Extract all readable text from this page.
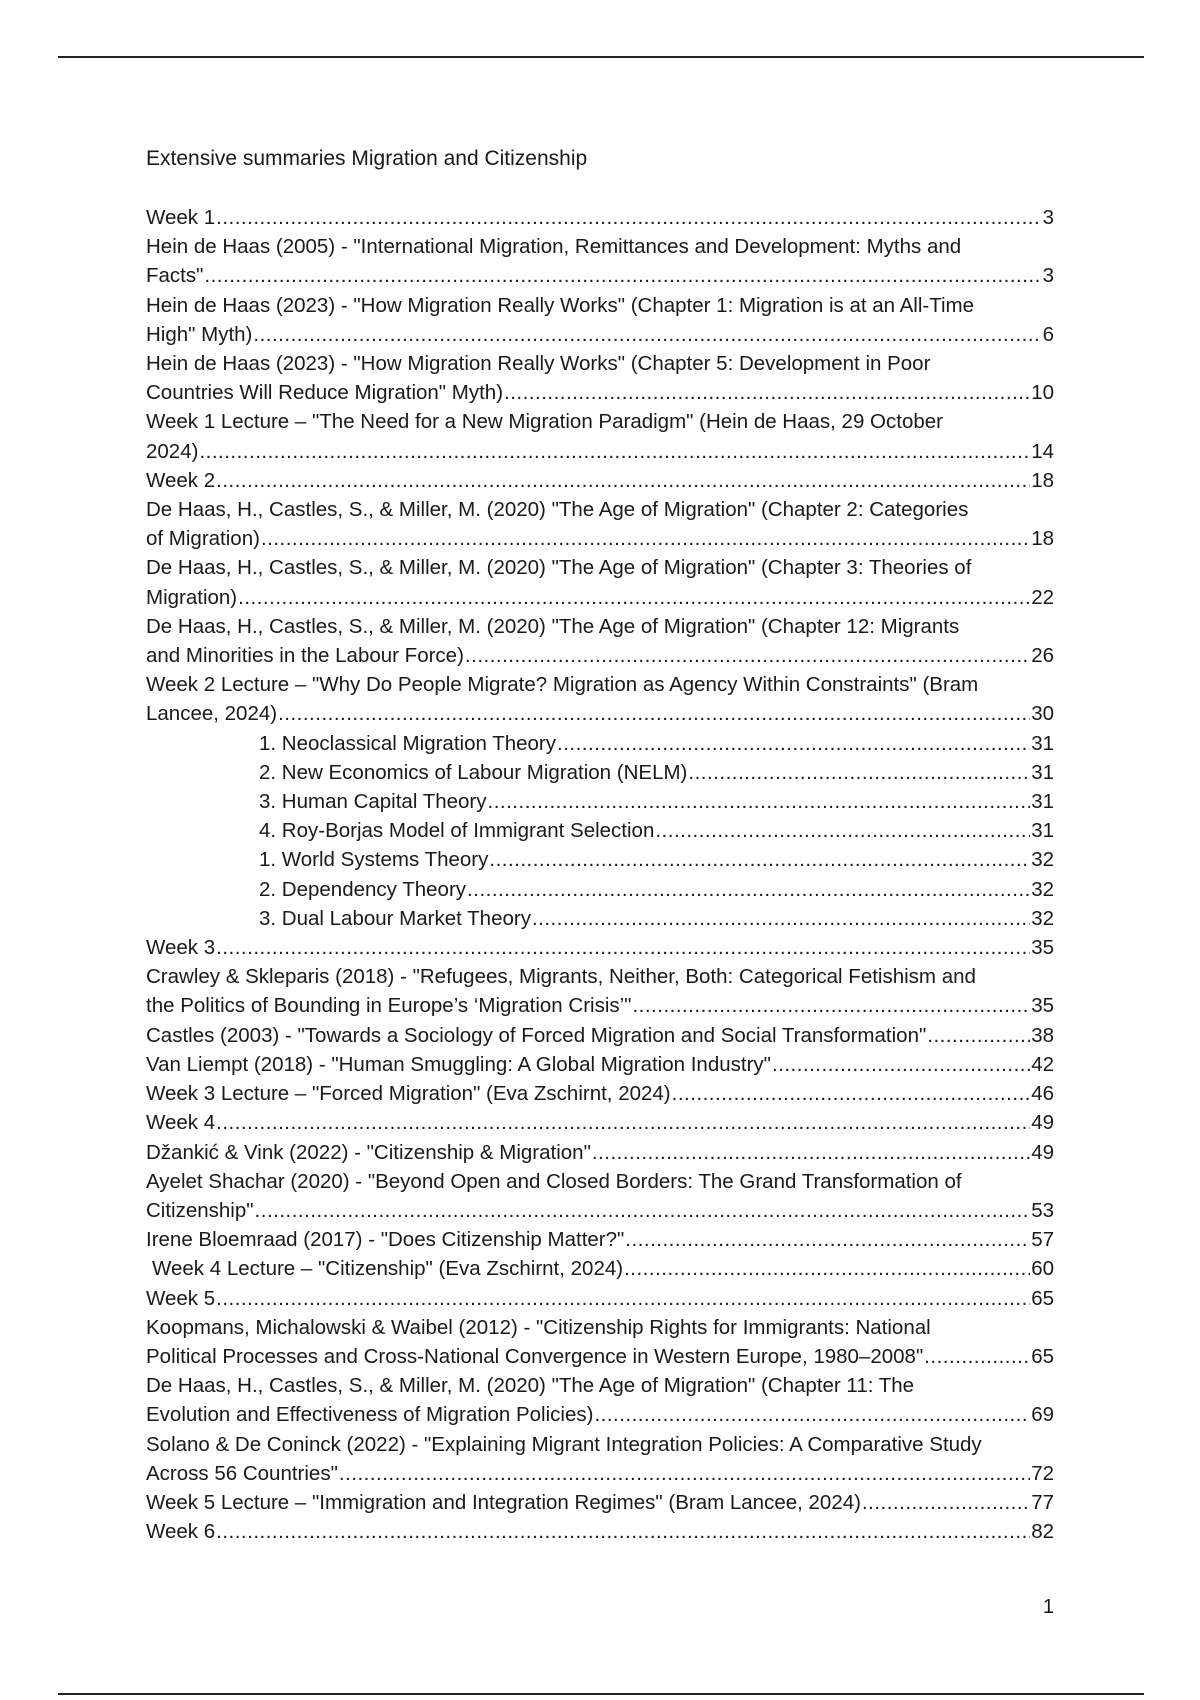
Extensive summaries Migration and Citizenship
Week 1 .....	3
Hein de Haas (2005) - "International Migration, Remittances and Development: Myths and
Facts" .....	3
Hein de Haas (2023) - "How Migration Really Works" (Chapter 1: Migration is at an All-Time
High" Myth) .....	6
Hein de Haas (2023) - "How Migration Really Works" (Chapter 5: Development in Poor
Countries Will Reduce Migration" Myth) .....	10
Week 1 Lecture – "The Need for a New Migration Paradigm" (Hein de Haas, 29 October
2024) .....	14
Week 2 .....	18
De Haas, H., Castles, S., & Miller, M. (2020) "The Age of Migration" (Chapter 2: Categories
of Migration) .....	18
De Haas, H., Castles, S., & Miller, M. (2020) "The Age of Migration" (Chapter 3: Theories of
Migration) .....	22
De Haas, H., Castles, S., & Miller, M. (2020) "The Age of Migration" (Chapter 12: Migrants
and Minorities in the Labour Force) .....	26
Week 2 Lecture – "Why Do People Migrate? Migration as Agency Within Constraints" (Bram
Lancee, 2024) .....	30
1. Neoclassical Migration Theory .....	31
2. New Economics of Labour Migration (NELM) .....	31
3. Human Capital Theory .....	31
4. Roy-Borjas Model of Immigrant Selection .....	31
1. World Systems Theory .....	32
2. Dependency Theory .....	32
3. Dual Labour Market Theory .....	32
Week 3 .....	35
Crawley & Skleparis (2018) - "Refugees, Migrants, Neither, Both: Categorical Fetishism and
the Politics of Bounding in Europe’s ‘Migration Crisis’" .....	35
Castles (2003) - "Towards a Sociology of Forced Migration and Social Transformation" .....	38
Van Liempt (2018) - "Human Smuggling: A Global Migration Industry" .....	42
Week 3 Lecture – "Forced Migration" (Eva Zschirnt, 2024) .....	46
Week 4 .....	49
Džankić & Vink (2022) - "Citizenship & Migration" .....	49
Ayelet Shachar (2020) - "Beyond Open and Closed Borders: The Grand Transformation of
Citizenship" .....	53
Irene Bloemraad (2017) - "Does Citizenship Matter?" .....	57
Week 4 Lecture – "Citizenship" (Eva Zschirnt, 2024) .....	60
Week 5 .....	65
Koopmans, Michalowski & Waibel (2012) - "Citizenship Rights for Immigrants: National
Political Processes and Cross-National Convergence in Western Europe, 1980–2008" .....	65
De Haas, H., Castles, S., & Miller, M. (2020) "The Age of Migration" (Chapter 11: The
Evolution and Effectiveness of Migration Policies) .....	69
Solano & De Coninck (2022) - "Explaining Migrant Integration Policies: A Comparative Study
Across 56 Countries" .....	72
Week 5 Lecture – "Immigration and Integration Regimes" (Bram Lancee, 2024) .....	77
Week 6 .....	82
1
